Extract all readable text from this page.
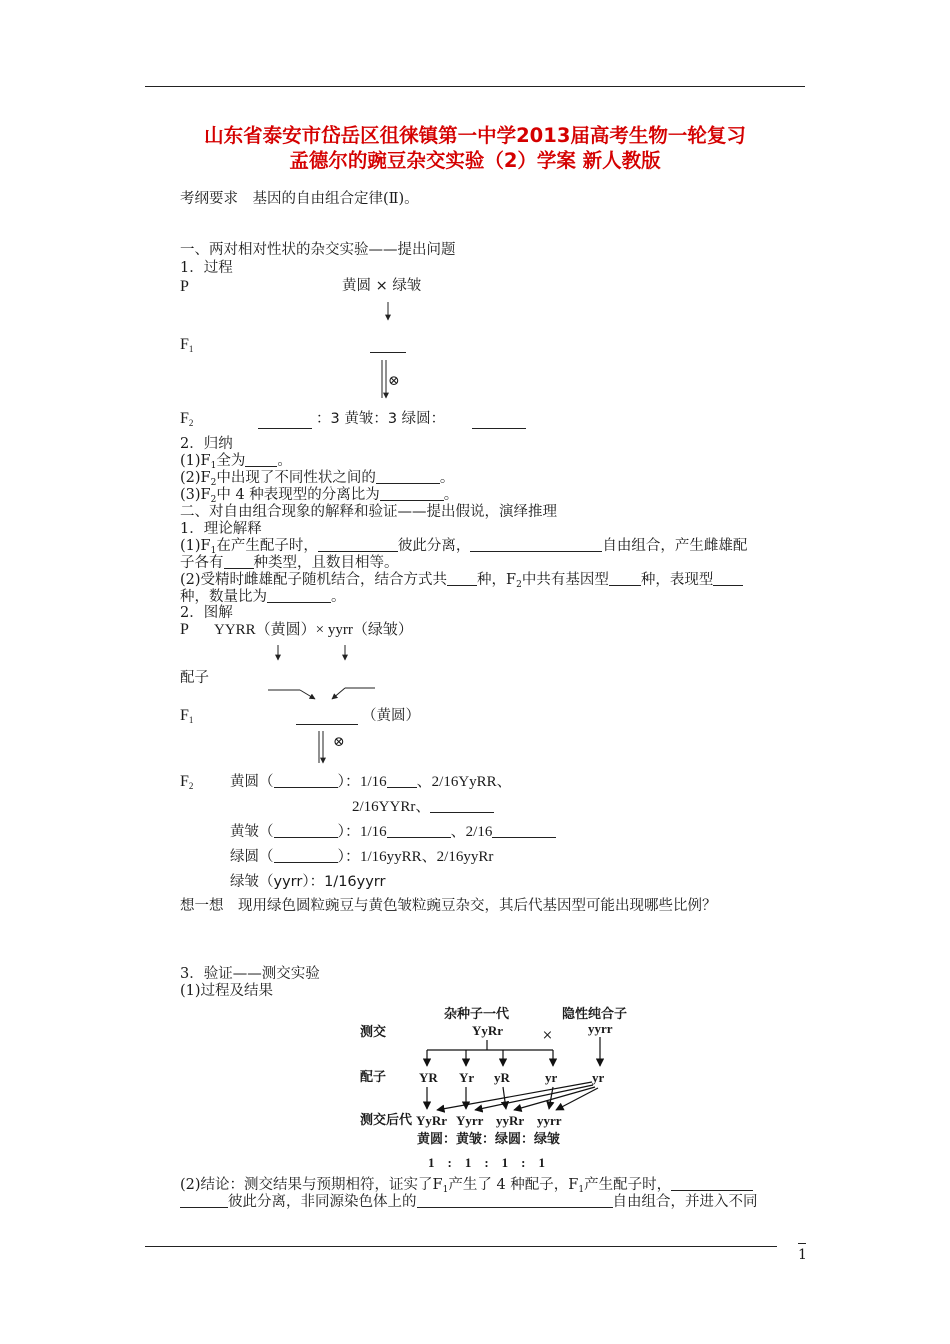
山东省泰安市岱岳区徂徕镇第一中学2013届高考生物一轮复习
孟德尔的豌豆杂交实验（2）学案 新人教版
考纲要求　基因的自由组合定律(Ⅱ)。
一、两对相对性状的杂交实验——提出问题
1．过程
P	黄圆 × 绿皱
$F_1$
⊗
$F_2$	：3 黄皱：3 绿圆：
2．归纳
$(1)F_1$全为 。
$(2)F_2$中出现了不同性状之间的	。
$(3)F_2$中 4 种表现型的分离比为	。
二、对自由组合现象的解释和验证——提出假说，演绎推理
1．理论解释
$(1)F_1$在产生配子时，	彼此分离，	自由组合，产生雌雄配
子各有 种类型，且数目相等。
(2)受精时雌雄配子随机结合，结合方式共 种，$F_2$中共有基因型 种，表现型
种，数量比为	。
2．图解
P YYRR（黄圆）× yyrr（绿皱）
配子
$F_1$	（黄圆）
⊗
$F_2$	黄圆（	）：1/16 、2/16YyRR、
2/16YYRr、
黄皱（	）：1/16	、2/16
绿圆（	）：1/16yyRR、2/16yyRr
绿皱（yyrr）：1/16yyrr
想一想　现用绿色圆粒豌豆与黄色皱粒豌豆杂交，其后代基因型可能出现哪些比例？
3．验证——测交实验
(1)过程及结果
杂种子一代	隐性纯合子
测交	YyRr	×	yyrr
配子	YR Yr yR	yr	yr
测交后代 YyRr Yyrr yyRr yyrr
黄圆：黄皱：绿圆：绿皱
1　:　1　:　1　:　1
(2)结论：测交结果与预期相符，证实了$F_1$产生了 4 种配子，$F_1$产生配子时，
彼此分离，非同源染色体上的	自由组合，并进入不同
1
